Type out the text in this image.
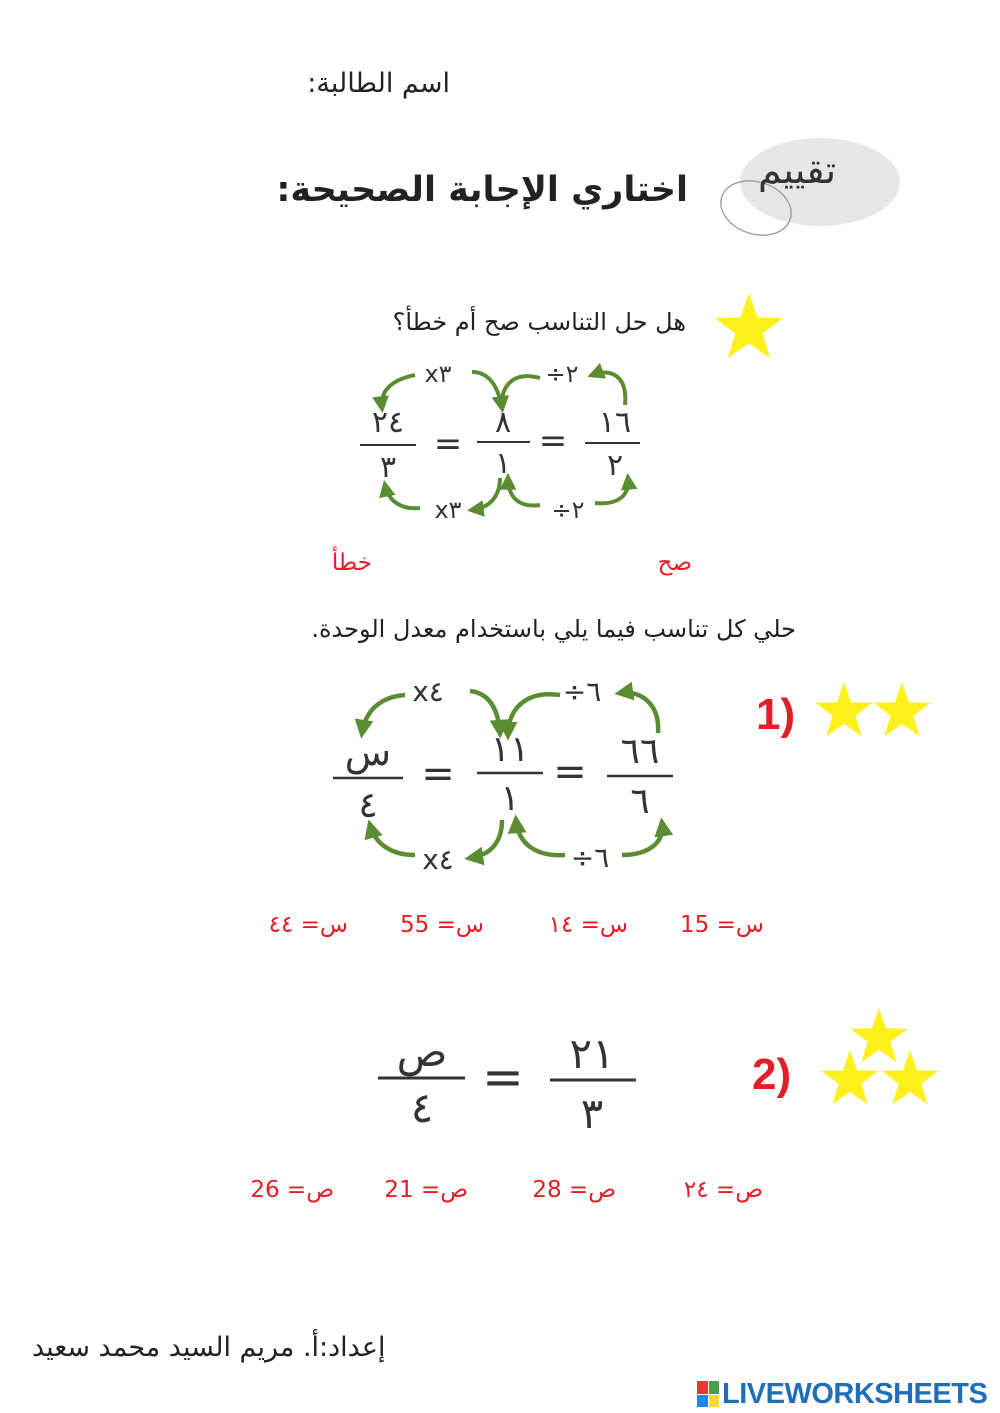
اسم الطالبة:
تقييم
اختاري الإجابة الصحيحة:
هل حل التناسب صح أم خطأ؟
÷٢
x٣
÷٢
x٣
١٦
٢
=
٨
١
=
٢٤
٣
صح
خطأ
حلي كل تناسب فيما يلي باستخدام معدل الوحدة.
1)
÷٦
x٤
÷٦
x٤
٦٦
٦
=
١١
١
=
س
٤
س= 15
س= ١٤
س= 55
س= ٤٤
2)
٢١
٣
=
ص
٤
ص= ٢٤
ص= 28
ص= 21
ص= 26
إعداد:أ. مريم السيد محمد سعيد
LIVEWORKSHEETS
